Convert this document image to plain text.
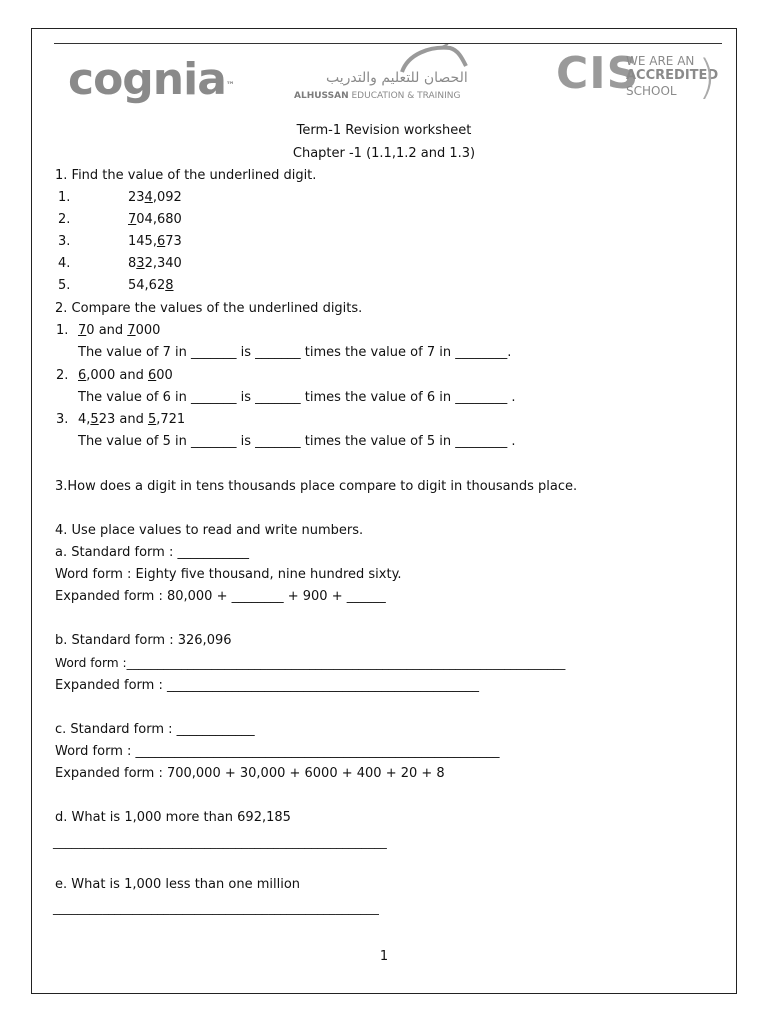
cognia™	الحصان للتعليم والتدريب
ALHUSSAN EDUCATION & TRAINING CIS
WE ARE AN
ACCREDITED
SCHOOL )
Term-1 Revision worksheet
Chapter -1 (1.1,1.2 and 1.3)
1. Find the value of the underlined digit.
1.	234,092
2.	704,680
3.	145,673
4.	832,340
5.	54,628
2. Compare the values of the underlined digits.
1. 70 and 7000
The value of 7 in _______ is _______ times the value of 7 in ________.
2. 6,000 and 600
The value of 6 in _______ is _______ times the value of 6 in ________ .
3. 4,523 and 5,721
The value of 5 in _______ is _______ times the value of 5 in ________ .
3.How does a digit in tens thousands place compare to digit in thousands place.
4. Use place values to read and write numbers.
a. Standard form : ___________
Word form : Eighty five thousand, nine hundred sixty.
Expanded form : 80,000 + ________ + 900 + ______
b. Standard form : 326,096
Word form :________________________________________________________________________
Expanded form : ________________________________________________
c. Standard form : ____________
Word form : ________________________________________________________
Expanded form : 700,000 + 30,000 + 6000 + 400 + 20 + 8
d. What is 1,000 more than 692,185
_____________________________________________________
e. What is 1,000 less than one million
_____________________________________________________
1
